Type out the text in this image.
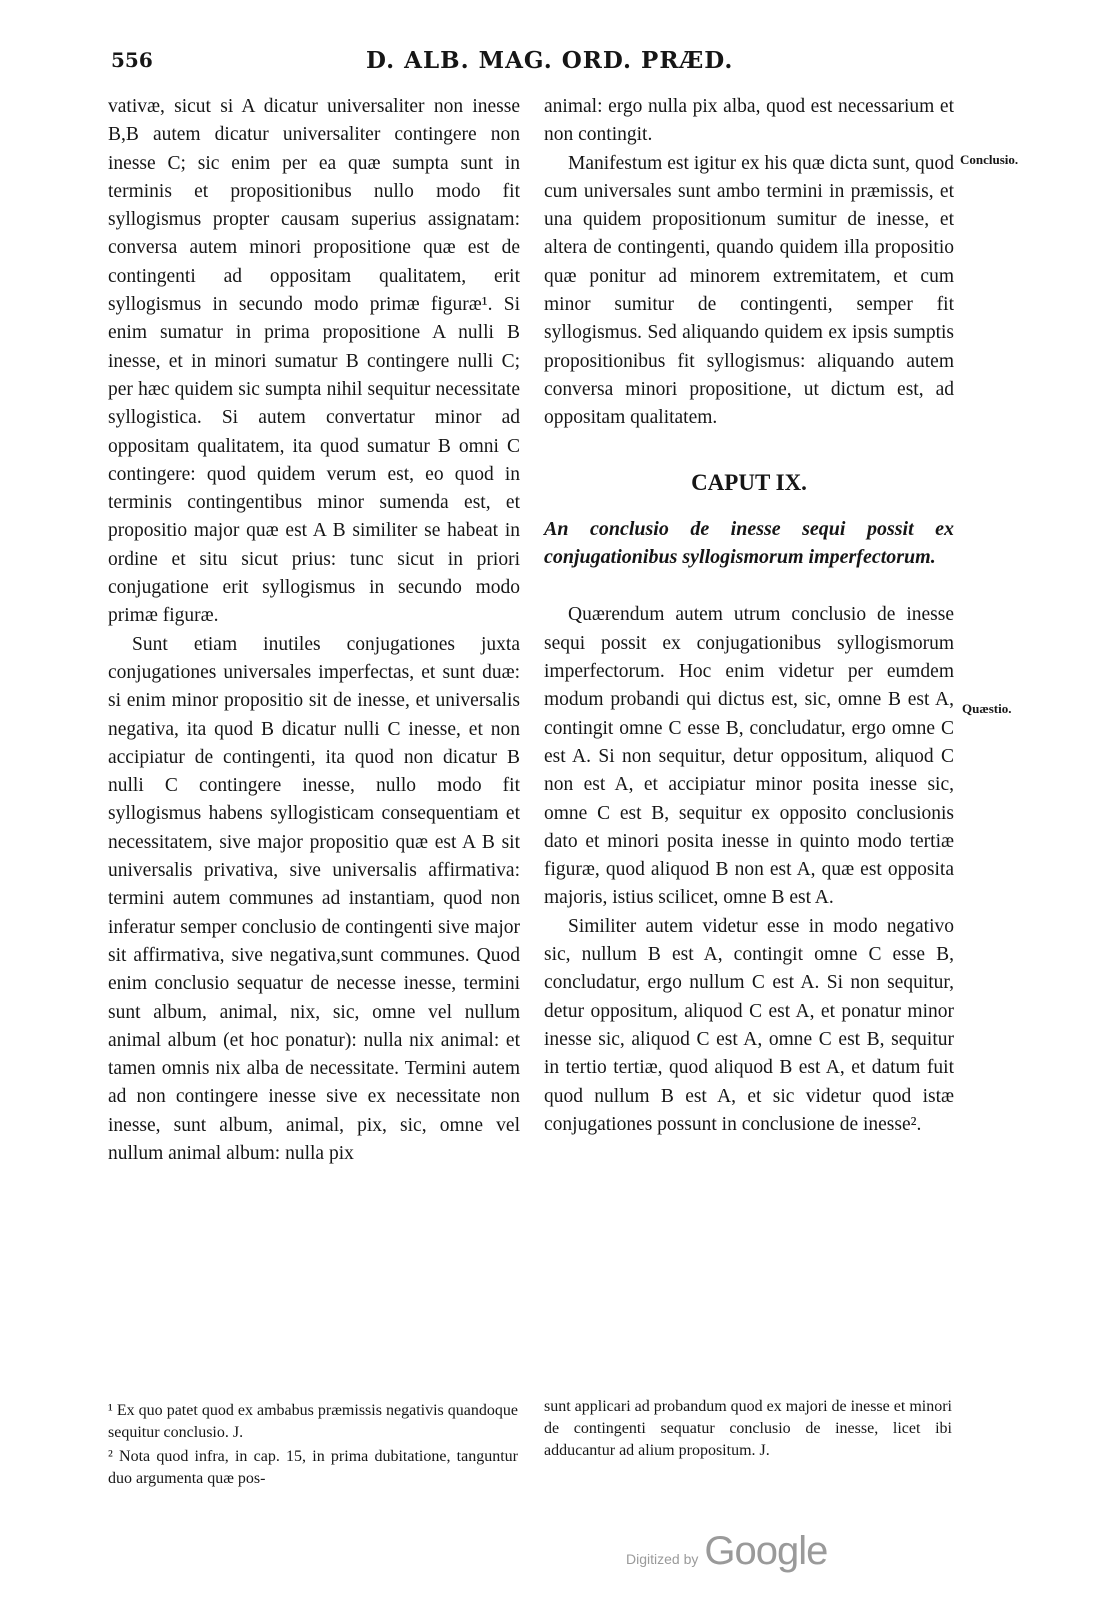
556	D. ALB. MAG. ORD. PRÆD.

vativæ, sicut si A dicatur universaliter non inesse B,B autem dicatur universaliter contingere non inesse C; sic enim per ea quæ sumpta sunt in terminis et propositionibus nullo modo fit syllogismus propter causam superius assignatam: conversa autem minori propositione quæ est de contingenti ad oppositam qualitatem, erit syllogismus in secundo modo primæ figuræ¹. Si enim sumatur in prima propositione A nulli B inesse, et in minori sumatur B contingere nulli C; per hæc quidem sic sumpta nihil sequitur necessitate syllogistica. Si autem convertatur minor ad oppositam qualitatem, ita quod sumatur B omni C contingere: quod quidem verum est, eo quod in terminis contingentibus minor sumenda est, et propositio major quæ est A B similiter se habeat in ordine et situ sicut prius: tunc sicut in priori conjugatione erit syllogismus in secundo modo primæ figuræ.

Sunt etiam inutiles conjugationes juxta conjugationes universales imperfectas, et sunt duæ: si enim minor propositio sit de inesse, et universalis negativa, ita quod B dicatur nulli C inesse, et non accipiatur de contingenti, ita quod non dicatur B nulli C contingere inesse, nullo modo fit syllogismus habens syllogisticam consequentiam et necessitatem, sive major propositio quæ est A B sit universalis privativa, sive universalis affirmativa: termini autem communes ad instantiam, quod non inferatur semper conclusio de contingenti sive major sit affirmativa, sive negativa,sunt communes. Quod enim conclusio sequatur de necesse inesse, termini sunt album, animal, nix, sic, omne vel nullum animal album (et hoc ponatur): nulla nix animal: et tamen omnis nix alba de necessitate. Termini autem ad non contingere inesse sive ex necessitate non inesse, sunt album, animal, pix, sic, omne vel nullum animal album: nulla pix

animal: ergo nulla pix alba, quod est necessarium et non contingit.

Manifestum est igitur ex his quæ dicta sunt, quod cum universales sunt ambo termini in præmissis, et una quidem propositionum sumitur de inesse, et altera de contingenti, quando quidem illa propositio quæ ponitur ad minorem extremitatem, et cum minor sumitur de contingenti, semper fit syllogismus. Sed aliquando quidem ex ipsis sumptis propositionibus fit syllogismus: aliquando autem conversa minori propositione, ut dictum est, ad oppositam qualitatem.

CAPUT IX.
An conclusio de inesse sequi possit ex conjugationibus syllogismorum imperfectorum.

Quærendum autem utrum conclusio de inesse sequi possit ex conjugationibus syllogismorum imperfectorum. Hoc enim videtur per eumdem modum probandi qui dictus est, sic, omne B est A, contingit omne C esse B, concludatur, ergo omne C est A. Si non sequitur, detur oppositum, aliquod C non est A, et accipiatur minor posita inesse sic, omne C est B, sequitur ex opposito conclusionis dato et minori posita inesse in quinto modo tertiæ figuræ, quod aliquod B non est A, quæ est opposita majoris, istius scilicet, omne B est A.

Similiter autem videtur esse in modo negativo sic, nullum B est A, contingit omne C esse B, concludatur, ergo nullum C est A. Si non sequitur, detur oppositum, aliquod C est A, et ponatur minor inesse sic, aliquod C est A, omne C est B, sequitur in tertio tertiæ, quod aliquod B est A, et datum fuit quod nullum B est A, et sic videtur quod istæ conjugationes possunt in conclusione de inesse².

Conclusio.
Quæstio.

¹ Ex quo patet quod ex ambabus præmissis negativis quandoque sequitur conclusio. J.

² Nota quod infra, in cap. 15, in prima dubitatione, tanguntur duo argumenta quæ pos-

sunt applicari ad probandum quod ex majori de inesse et minori de contingenti sequatur conclusio de inesse, licet ibi adducantur ad alium propositum. J.

Digitized by Google
